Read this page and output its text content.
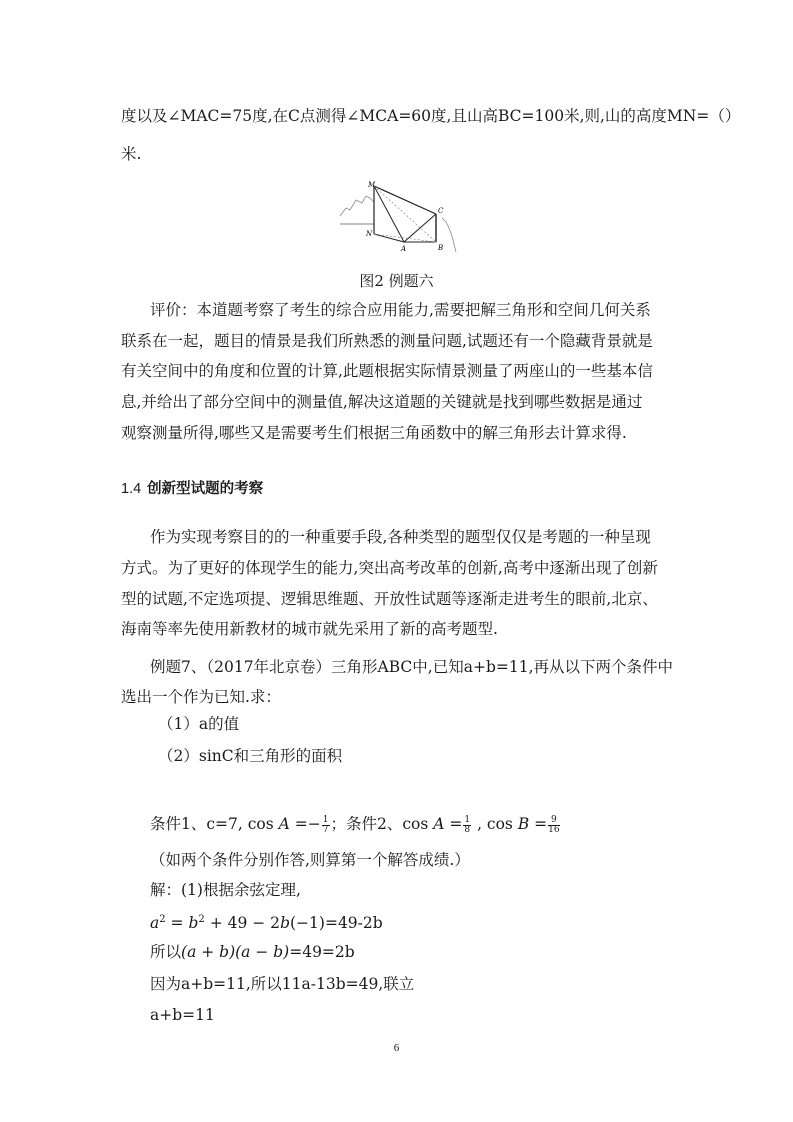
度以及∠MAC=75度,在C点测得∠MCA=60度,且山高BC=100米,则,山的高度MN=（）
米.
M
N
A	B
C
图2 例题六
评价：本道题考察了考生的综合应用能力,需要把解三角形和空间几何关系
联系在一起，题目的情景是我们所熟悉的测量问题,试题还有一个隐藏背景就是
有关空间中的角度和位置的计算,此题根据实际情景测量了两座山的一些基本信
息,并给出了部分空间中的测量值,解决这道题的关键就是找到哪些数据是通过
观察测量所得,哪些又是需要考生们根据三角函数中的解三角形去计算求得.
1.4 创新型试题的考察
作为实现考察目的的一种重要手段,各种类型的题型仅仅是考题的一种呈现
方式。为了更好的体现学生的能力,突出高考改革的创新,高考中逐渐出现了创新
型的试题,不定选项提、逻辑思维题、开放性试题等逐渐走进考生的眼前,北京、
海南等率先使用新教材的城市就先采用了新的高考题型.
例题7、（2017年北京卷）三角形ABC中,已知a+b=11,再从以下两个条件中
选出一个作为已知.求：
（1）a的值
（2）sinC和三角形的面积
条件1、c=7, $\cos A =- \frac{1}{7}$ ；条件2、$\cos A = \frac{1}{8}$ , $\cos B = \frac{9}{16}$
（如两个条件分别作答,则算第一个解答成绩.）
解：(1)根据余弦定理,
$a^2 = b^2 + 49 - 2b(-1)=49-2b$
所以(a + b)(a − b)=49=2b
因为a+b=11,所以11a-13b=49,联立
a+b=11
6
